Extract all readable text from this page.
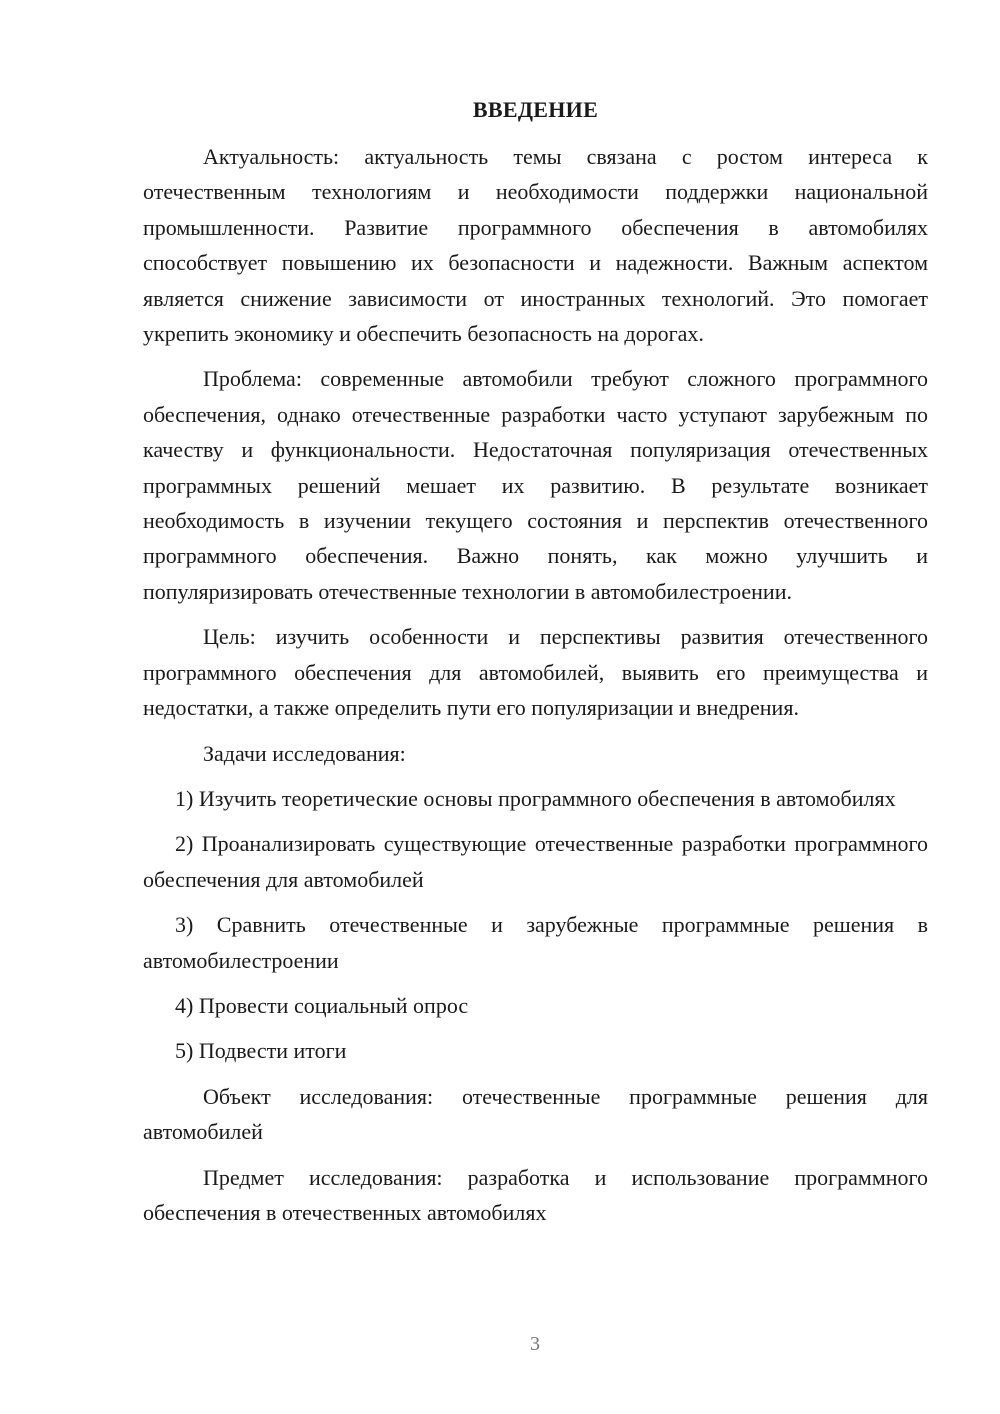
ВВЕДЕНИЕ

Актуальность: актуальность темы связана с ростом интереса к отечественным технологиям и необходимости поддержки национальной промышленности. Развитие программного обеспечения в автомобилях способствует повышению их безопасности и надежности. Важным аспектом является снижение зависимости от иностранных технологий. Это помогает укрепить экономику и обеспечить безопасность на дорогах.

Проблема: современные автомобили требуют сложного программного обеспечения, однако отечественные разработки часто уступают зарубежным по качеству и функциональности. Недостаточная популяризация отечественных программных решений мешает их развитию. В результате возникает необходимость в изучении текущего состояния и перспектив отечественного программного обеспечения. Важно понять, как можно улучшить и популяризировать отечественные технологии в автомобилестроении.

Цель: изучить особенности и перспективы развития отечественного программного обеспечения для автомобилей, выявить его преимущества и недостатки, а также определить пути его популяризации и внедрения.

Задачи исследования:

1) Изучить теоретические основы программного обеспечения в автомобилях

2) Проанализировать существующие отечественные разработки программного обеспечения для автомобилей

3) Сравнить отечественные и зарубежные программные решения в автомобилестроении

4) Провести социальный опрос

5) Подвести итоги

Объект исследования: отечественные программные решения для автомобилей

Предмет исследования: разработка и использование программного обеспечения в отечественных автомобилях

3
